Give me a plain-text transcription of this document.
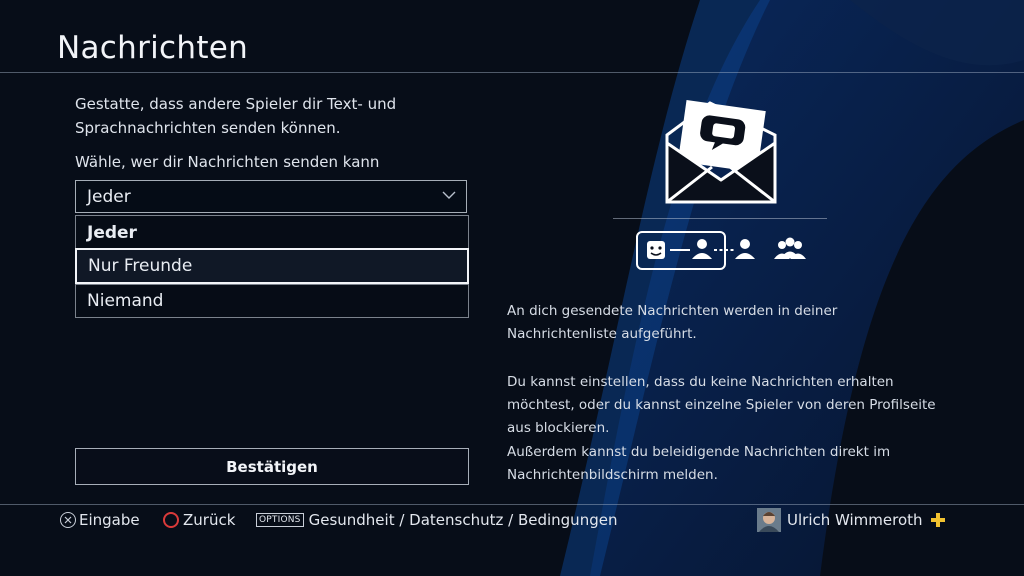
Nachrichten
Gestatte, dass andere Spieler dir Text- und Sprachnachrichten senden können.
Wähle, wer dir Nachrichten senden kann
Jeder
Jeder
Nur Freunde
Niemand
Bestätigen
An dich gesendete Nachrichten werden in deiner Nachrichtenliste aufgeführt.
Du kannst einstellen, dass du keine Nachrichten erhalten möchtest, oder du kannst einzelne Spieler von deren Profilseite aus blockieren.
Außerdem kannst du beleidigende Nachrichten direkt im Nachrichtenbildschirm melden.
Eingabe	Zurück	OPTIONS Gesundheit / Datenschutz / Bedingungen	Ulrich Wimmeroth
